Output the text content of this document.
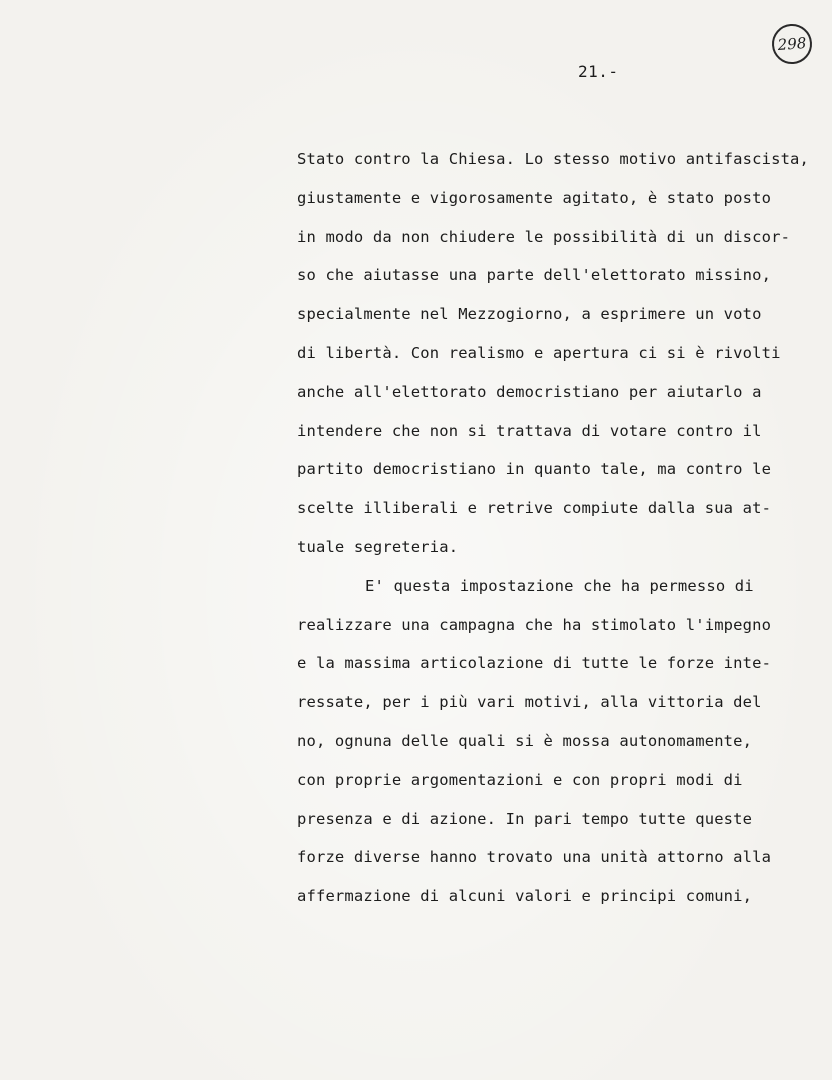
298
21.-
Stato contro la Chiesa. Lo stesso motivo antifascista,
giustamente e vigorosamente agitato, è stato posto
in modo da non chiudere le possibilità di un discor-
so che aiutasse una parte dell'elettorato missino,
specialmente nel Mezzogiorno, a esprimere un voto
di libertà. Con realismo e apertura ci si è rivolti
anche all'elettorato democristiano per aiutarlo a
intendere che non si trattava di votare contro il
partito democristiano in quanto tale, ma contro le
scelte illiberali e retrive compiute dalla sua at-
tuale segreteria.
E' questa impostazione che ha permesso di
realizzare una campagna che ha stimolato l'impegno
e la massima articolazione di tutte le forze inte-
ressate, per i più vari motivi, alla vittoria del
no, ognuna delle quali si è mossa autonomamente,
con proprie argomentazioni e con propri modi di
presenza e di azione. In pari tempo tutte queste
forze diverse hanno trovato una unità attorno alla
affermazione di alcuni valori e principi comuni,
